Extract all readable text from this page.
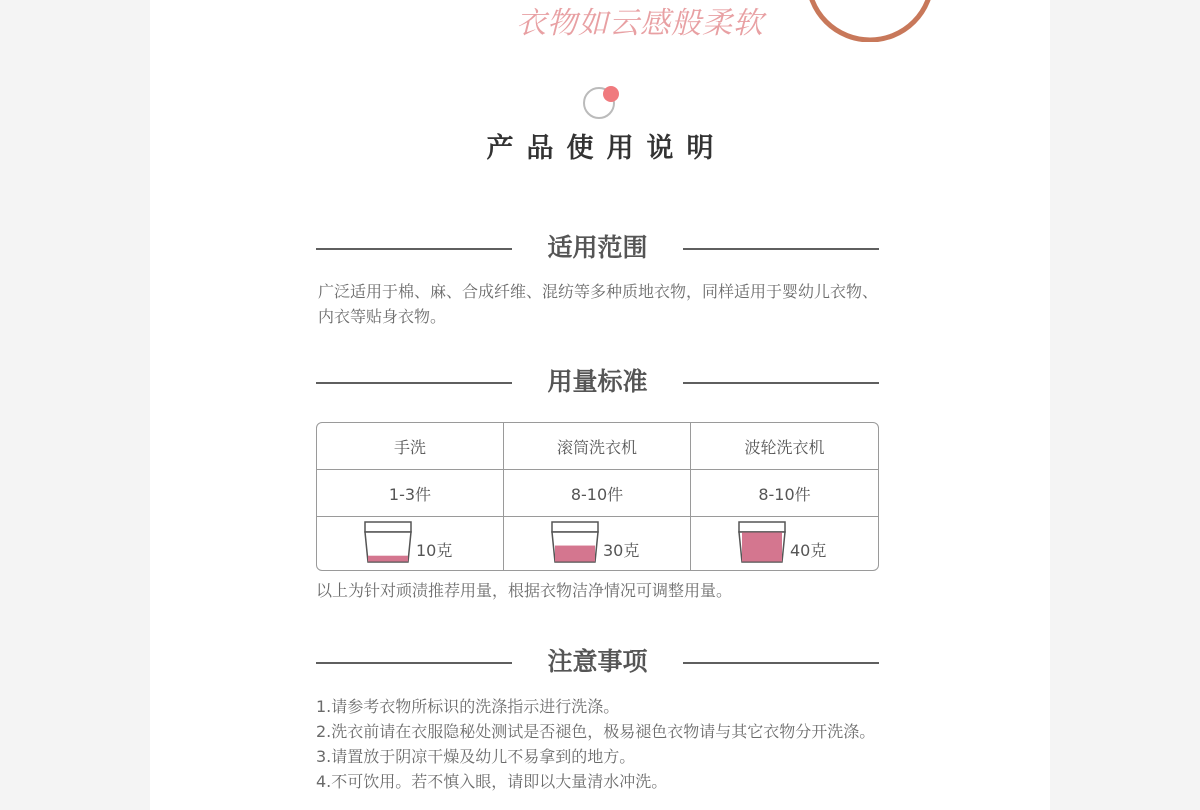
衣物如云感般柔软
产品使用说明
适用范围
广泛适用于棉、麻、合成纤维、混纺等多种质地衣物，同样适用于婴幼儿衣物、内衣等贴身衣物。
用量标准
手洗	滚筒洗衣机	波轮洗衣机
1-3件	8-10件	8-10件
10克	30克	40克
以上为针对顽渍推荐用量，根据衣物洁净情况可调整用量。
注意事项
1.请参考衣物所标识的洗涤指示进行洗涤。
2.洗衣前请在衣服隐秘处测试是否褪色，极易褪色衣物请与其它衣物分开洗涤。
3.请置放于阴凉干燥及幼儿不易拿到的地方。
4.不可饮用。若不慎入眼，请即以大量清水冲洗。
